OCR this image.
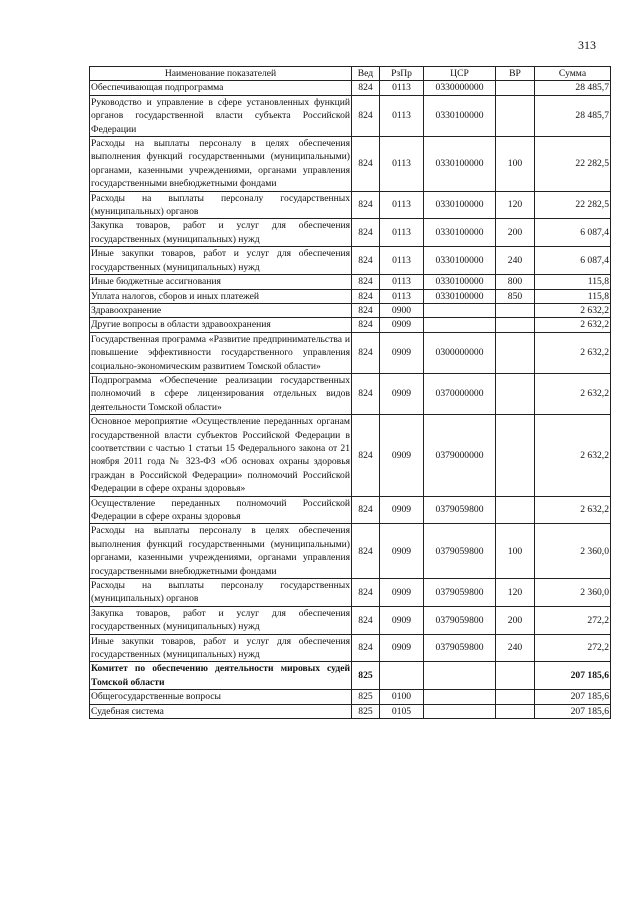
313
Наименование показателей	Вед	РзПр	ЦСР	ВР	Сумма
Обеспечивающая подпрограмма	824	0113	0330000000		28 485,7
Руководство и управление в сфере установленных функций органов государственной власти субъекта Российской Федерации	824	0113	0330100000		28 485,7
Расходы на выплаты персоналу в целях обеспечения выполнения функций государственными (муниципальными) органами, казенными учреждениями, органами управления государственными внебюджетными фондами	824	0113	0330100000	100	22 282,5
Расходы на выплаты персоналу государственных (муниципальных) органов	824	0113	0330100000	120	22 282,5
Закупка товаров, работ и услуг для обеспечения государственных (муниципальных) нужд	824	0113	0330100000	200	6 087,4
Иные закупки товаров, работ и услуг для обеспечения государственных (муниципальных) нужд	824	0113	0330100000	240	6 087,4
Иные бюджетные ассигнования	824	0113	0330100000	800	115,8
Уплата налогов, сборов и иных платежей	824	0113	0330100000	850	115,8
Здравоохранение	824	0900			2 632,2
Другие вопросы в области здравоохранения	824	0909			2 632,2
Государственная программа «Развитие предпринимательства и повышение эффективности государственного управления социально-экономическим развитием Томской области»	824	0909	0300000000		2 632,2
Подпрограмма «Обеспечение реализации государственных полномочий в сфере лицензирования отдельных видов деятельности Томской области»	824	0909	0370000000		2 632,2
Основное мероприятие «Осуществление переданных органам государственной власти субъектов Российской Федерации в соответствии с частью 1 статьи 15 Федерального закона от 21 ноября 2011 года № 323-ФЗ «Об основах охраны здоровья граждан в Российской Федерации» полномочий Российской Федерации в сфере охраны здоровья»	824	0909	0379000000		2 632,2
Осуществление переданных полномочий Российской Федерации в сфере охраны здоровья	824	0909	0379059800		2 632,2
Расходы на выплаты персоналу в целях обеспечения выполнения функций государственными (муниципальными) органами, казенными учреждениями, органами управления государственными внебюджетными фондами	824	0909	0379059800	100	2 360,0
Расходы на выплаты персоналу государственных (муниципальных) органов	824	0909	0379059800	120	2 360,0
Закупка товаров, работ и услуг для обеспечения государственных (муниципальных) нужд	824	0909	0379059800	200	272,2
Иные закупки товаров, работ и услуг для обеспечения государственных (муниципальных) нужд	824	0909	0379059800	240	272,2
Комитет по обеспечению деятельности мировых судей Томской области	825				207 185,6
Общегосударственные вопросы	825	0100			207 185,6
Судебная система	825	0105			207 185,6
